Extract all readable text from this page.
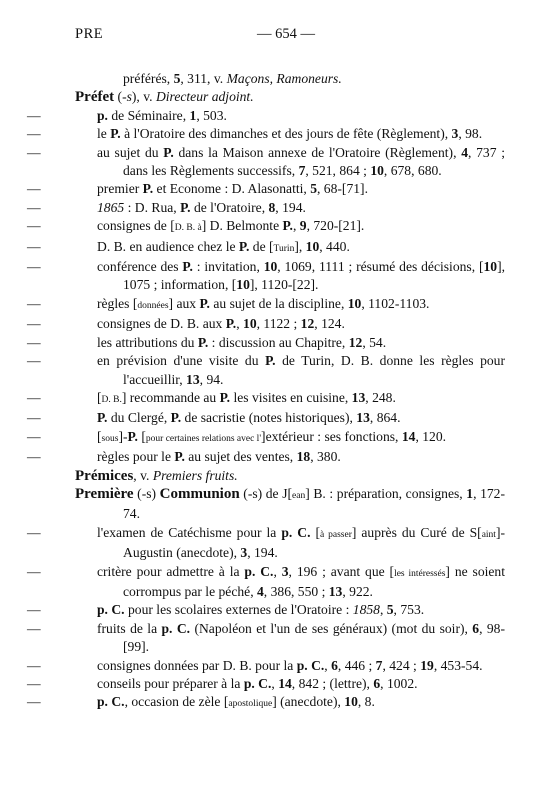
PRE	— 654 —

préférés, 5, 311, v. Maçons, Ramoneurs.

Préfet (-s), v. Directeur adjoint.

—	p. de Séminaire, 1, 503.

—	le P. à l'Oratoire des dimanches et des jours de fête (Règlement), 3, 98.

—	au sujet du P. dans la Maison annexe de l'Oratoire (Règlement), 4, 737 ; dans les Règlements successifs, 7, 521, 864 ; 10, 678, 680.

—	premier P. et Econome : D. Alasonatti, 5, 68-[71].

—	1865 : D. Rua, P. de l'Oratoire, 8, 194.

—	consignes de [D. B. à] D. Belmonte P., 9, 720-[21].

—	D. B. en audience chez le P. de [Turin], 10, 440.

—	conférence des P. : invitation, 10, 1069, 1111 ; résumé des décisions, [10], 1075 ; information, [10], 1120-[22].

—	règles [données] aux P. au sujet de la discipline, 10, 1102-1103.

—	consignes de D. B. aux P., 10, 1122 ; 12, 124.

—	les attributions du P. : discussion au Chapitre, 12, 54.

—	en prévision d'une visite du P. de Turin, D. B. donne les règles pour l'accueillir, 13, 94.

—	[D. B.] recommande au P. les visites en cuisine, 13, 248.

—	P. du Clergé, P. de sacristie (notes historiques), 13, 864.

—	[sous]-P. [pour certaines relations avec l']extérieur : ses fonctions, 14, 120.

—	règles pour le P. au sujet des ventes, 18, 380.

Prémices, v. Premiers fruits.

Première (-s) Communion (-s) de J[ean] B. : préparation, consignes, 1, 172-74.

—	l'examen de Catéchisme pour la p. C. [à passer] auprès du Curé de S[aint]-Augustin (anecdote), 3, 194.

—	critère pour admettre à la p. C., 3, 196 ; avant que [les intéressés] ne soient corrompus par le péché, 4, 386, 550 ; 13, 922.

—	p. C. pour les scolaires externes de l'Oratoire : 1858, 5, 753.

—	fruits de la p. C. (Napoléon et l'un de ses généraux) (mot du soir), 6, 98-[99].

—	consignes données par D. B. pour la p. C., 6, 446 ; 7, 424 ; 19, 453-54.

—	conseils pour préparer à la p. C., 14, 842 ; (lettre), 6, 1002.

—	p. C., occasion de zèle [apostolique] (anecdote), 10, 8.
